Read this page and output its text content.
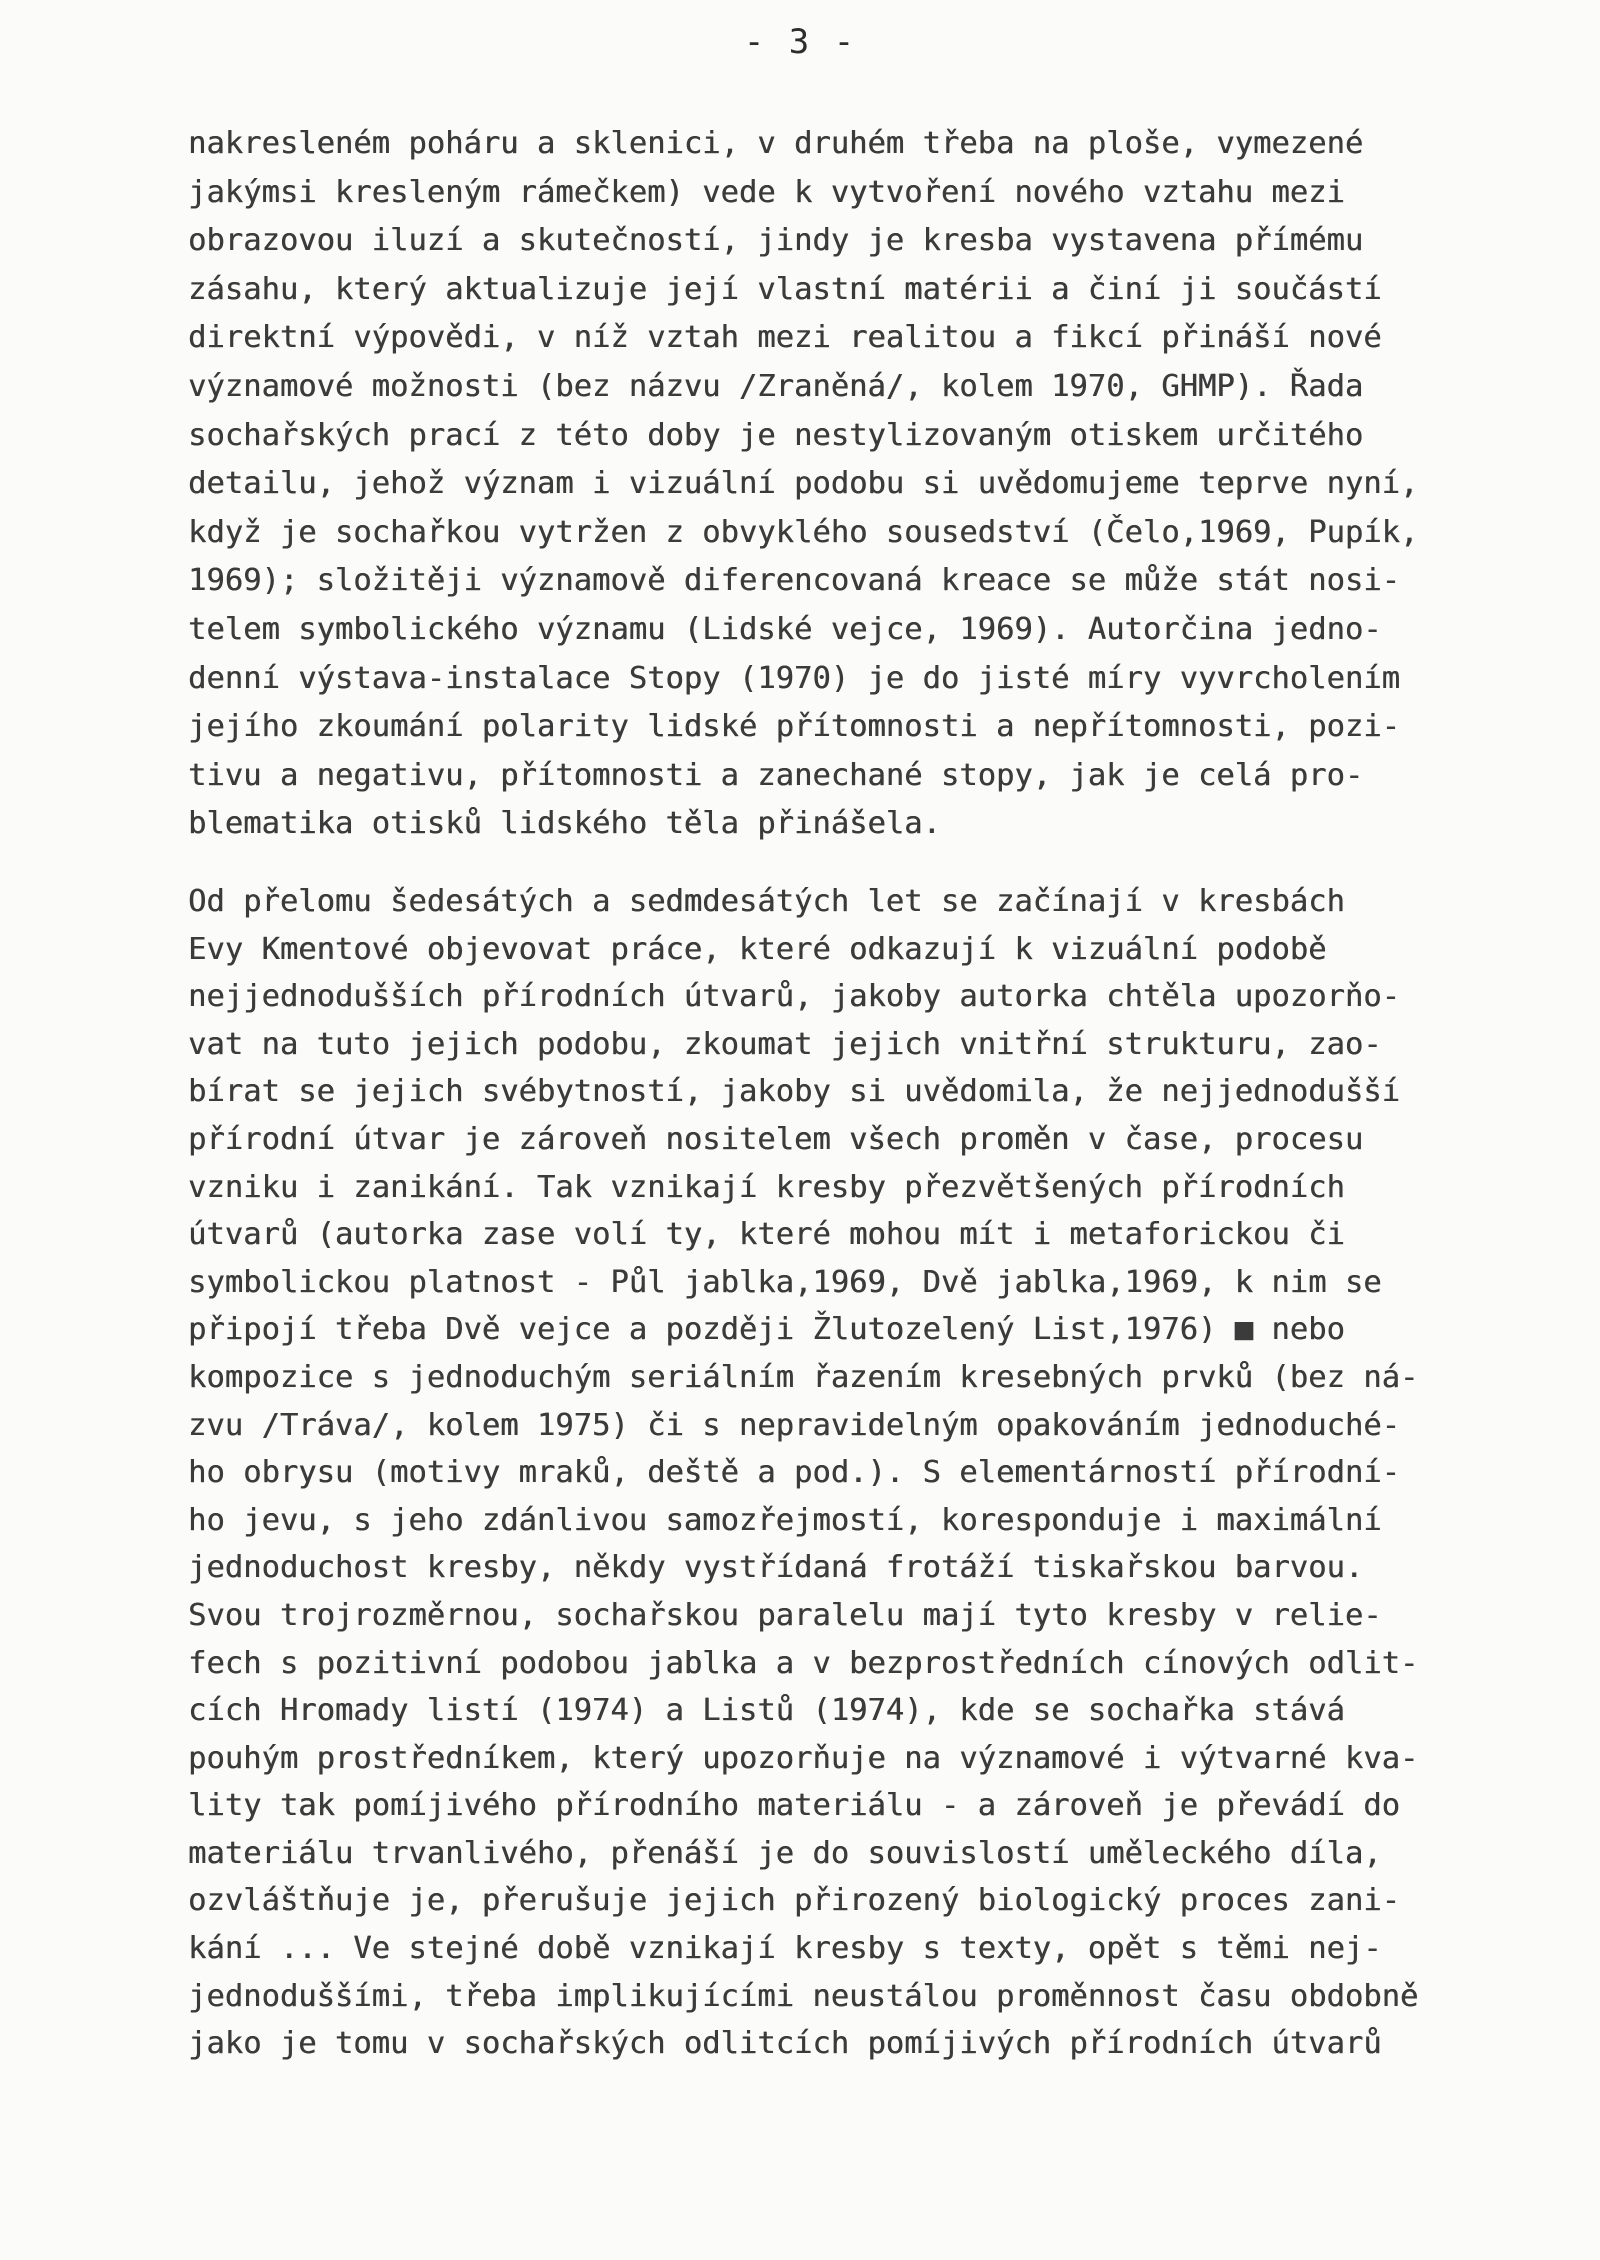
- 3 -
nakresleném poháru a sklenici, v druhém třeba na ploše, vymezené
jakýmsi kresleným rámečkem) vede k vytvoření nového vztahu mezi
obrazovou iluzí a skutečností, jindy je kresba vystavena přímému
zásahu, který aktualizuje její vlastní matérii a činí ji součástí
direktní výpovědi, v níž vztah mezi realitou a fikcí přináší nové
významové možnosti (bez názvu /Zraněná/, kolem 1970, GHMP). Řada
sochařských prací z této doby je nestylizovaným otiskem určitého
detailu, jehož význam i vizuální podobu si uvědomujeme teprve nyní,
když je sochařkou vytržen z obvyklého sousedství (Čelo,1969, Pupík,
1969); složitěji významově diferencovaná kreace se může stát nosi-
telem symbolického významu (Lidské vejce, 1969). Autorčina jedno-
denní výstava-instalace Stopy (1970) je do jisté míry vyvrcholením
jejího zkoumání polarity lidské přítomnosti a nepřítomnosti, pozi-
tivu a negativu, přítomnosti a zanechané stopy, jak je celá pro-
blematika otisků lidského těla přinášela.
Od přelomu šedesátých a sedmdesátých let se začínají v kresbách
Evy Kmentové objevovat práce, které odkazují k vizuální podobě
nejjednodušších přírodních útvarů, jakoby autorka chtěla upozorňo-
vat na tuto jejich podobu, zkoumat jejich vnitřní strukturu, zao-
bírat se jejich svébytností, jakoby si uvědomila, že nejjednodušší
přírodní útvar je zároveň nositelem všech proměn v čase, procesu
vzniku i zanikání. Tak vznikají kresby přezvětšených přírodních
útvarů (autorka zase volí ty, které mohou mít i metaforickou či
symbolickou platnost - Půl jablka,1969, Dvě jablka,1969, k nim se
připojí třeba Dvě vejce a později Žlutozelený List,1976) ■ nebo
kompozice s jednoduchým seriálním řazením kresebných prvků (bez ná-
zvu /Tráva/, kolem 1975) či s nepravidelným opakováním jednoduché-
ho obrysu (motivy mraků, deště a pod.). S elementárností přírodní-
ho jevu, s jeho zdánlivou samozřejmostí, koresponduje i maximální
jednoduchost kresby, někdy vystřídaná frotáží tiskařskou barvou.
Svou trojrozměrnou, sochařskou paralelu mají tyto kresby v relie-
fech s pozitivní podobou jablka a v bezprostředních cínových odlit-
cích Hromady listí (1974) a Listů (1974), kde se sochařka stává
pouhým prostředníkem, který upozorňuje na významové i výtvarné kva-
lity tak pomíjivého přírodního materiálu - a zároveň je převádí do
materiálu trvanlivého, přenáší je do souvislostí uměleckého díla,
ozvláštňuje je, přerušuje jejich přirozený biologický proces zani-
kání ... Ve stejné době vznikají kresby s texty, opět s těmi nej-
jednoduššími, třeba implikujícími neustálou proměnnost času obdobně
jako je tomu v sochařských odlitcích pomíjivých přírodních útvarů
